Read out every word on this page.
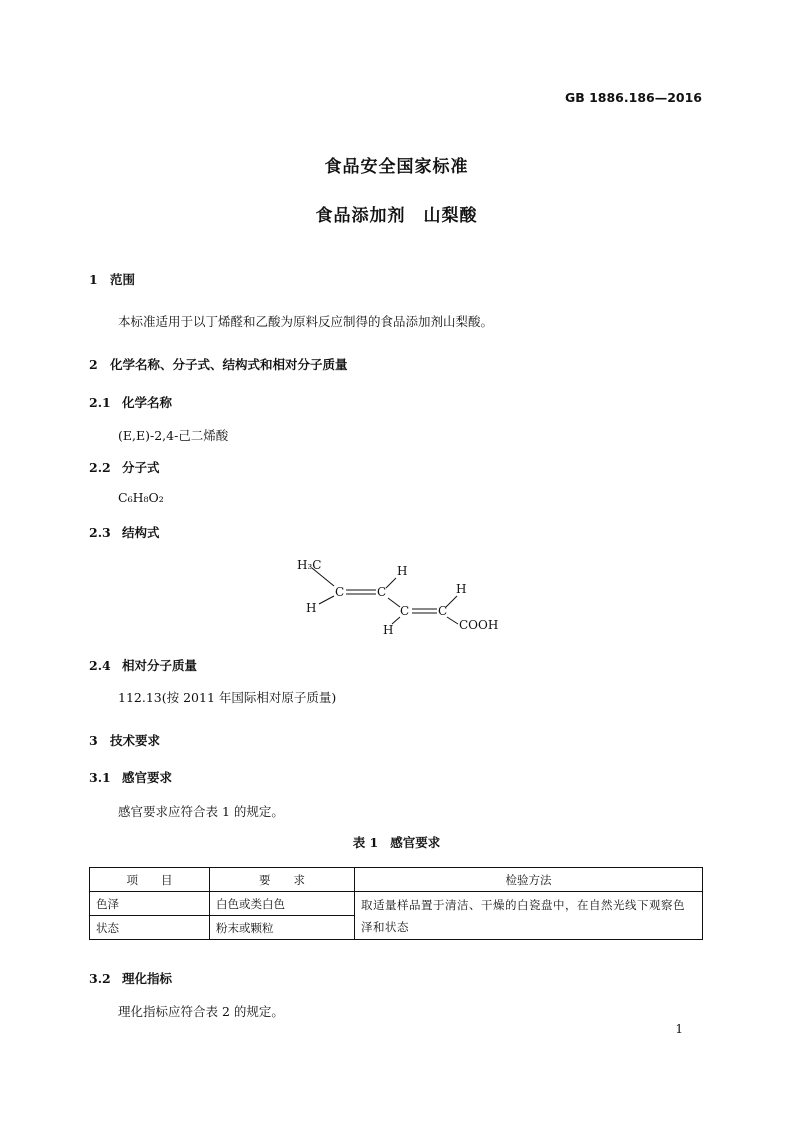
GB 1886.186—2016
食品安全国家标准
食品添加剂　山梨酸
1 范围
本标准适用于以丁烯醛和乙酸为原料反应制得的食品添加剂山梨酸。
2 化学名称、分子式、结构式和相对分子质量
2.1 化学名称
(E,E)-2,4-己二烯酸
2.2 分子式
C₆H₈O₂
2.3 结构式
H₃C
C
H
C
H
C
H
C
H
COOH
2.4 相对分子质量
112.13(按 2011 年国际相对原子质量)
3 技术要求
3.1 感官要求
感官要求应符合表 1 的规定。
表 1 感官要求
项　　目	要　　求	检验方法
色泽	白色或类白色	取适量样品置于清洁、干燥的白瓷盘中，在自然光线下观察色泽和状态
状态	粉末或颗粒	
3.2 理化指标
理化指标应符合表 2 的规定。
1
